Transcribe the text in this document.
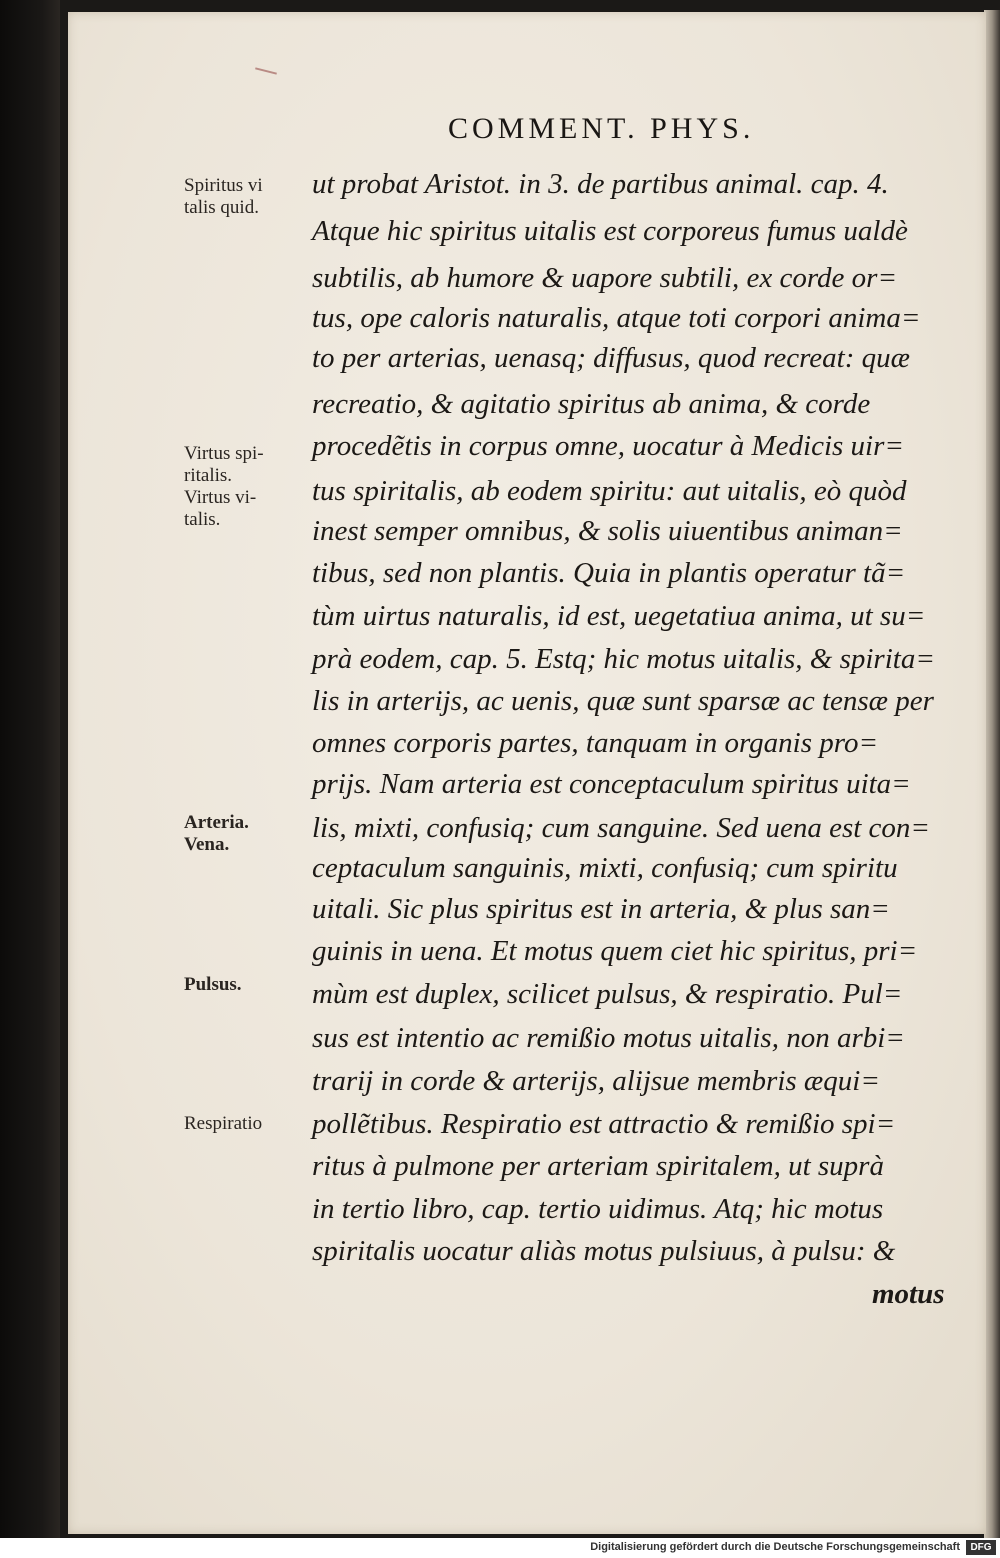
COMMENT. PHYS.
Spiritus vi
talis quid.
Virtus spi-
ritalis.
Virtus vi-
talis.
Arteria.
Vena.
Pulsus.
Respiratio
ut probat Aristot. in 3. de partibus animal. cap. 4.
Atque hic spiritus uitalis est corporeus fumus ualdè
subtilis, ab humore & uapore subtili, ex corde or=
tus, ope caloris naturalis, atque toti corpori anima=
to per arterias, uenasq; diffusus, quod recreat: quæ
recreatio, & agitatio spiritus ab anima, & corde
procedẽtis in corpus omne, uocatur à Medicis uir=
tus spiritalis, ab eodem spiritu: aut uitalis, eò quòd
inest semper omnibus, & solis uiuentibus animan=
tibus, sed non plantis. Quia in plantis operatur tã=
tùm uirtus naturalis, id est, uegetatiua anima, ut su=
prà eodem, cap. 5. Estq; hic motus uitalis, & spirita=
lis in arterijs, ac uenis, quæ sunt sparsæ ac tensæ per
omnes corporis partes, tanquam in organis pro=
prijs. Nam arteria est conceptaculum spiritus uita=
lis, mixti, confusiq; cum sanguine. Sed uena est con=
ceptaculum sanguinis, mixti, confusiq; cum spiritu
uitali. Sic plus spiritus est in arteria, & plus san=
guinis in uena. Et motus quem ciet hic spiritus, pri=
mùm est duplex, scilicet pulsus, & respiratio. Pul=
sus est intentio ac remißio motus uitalis, non arbi=
trarij in corde & arterijs, alijsue membris æqui=
pollẽtibus. Respiratio est attractio & remißio spi=
ritus à pulmone per arteriam spiritalem, ut suprà
in tertio libro, cap. tertio uidimus. Atq; hic motus
spiritalis uocatur aliàs motus pulsiuus, à pulsu: &
motus
Digitalisierung gefördert durch die Deutsche Forschungsgemeinschaft	DFG
